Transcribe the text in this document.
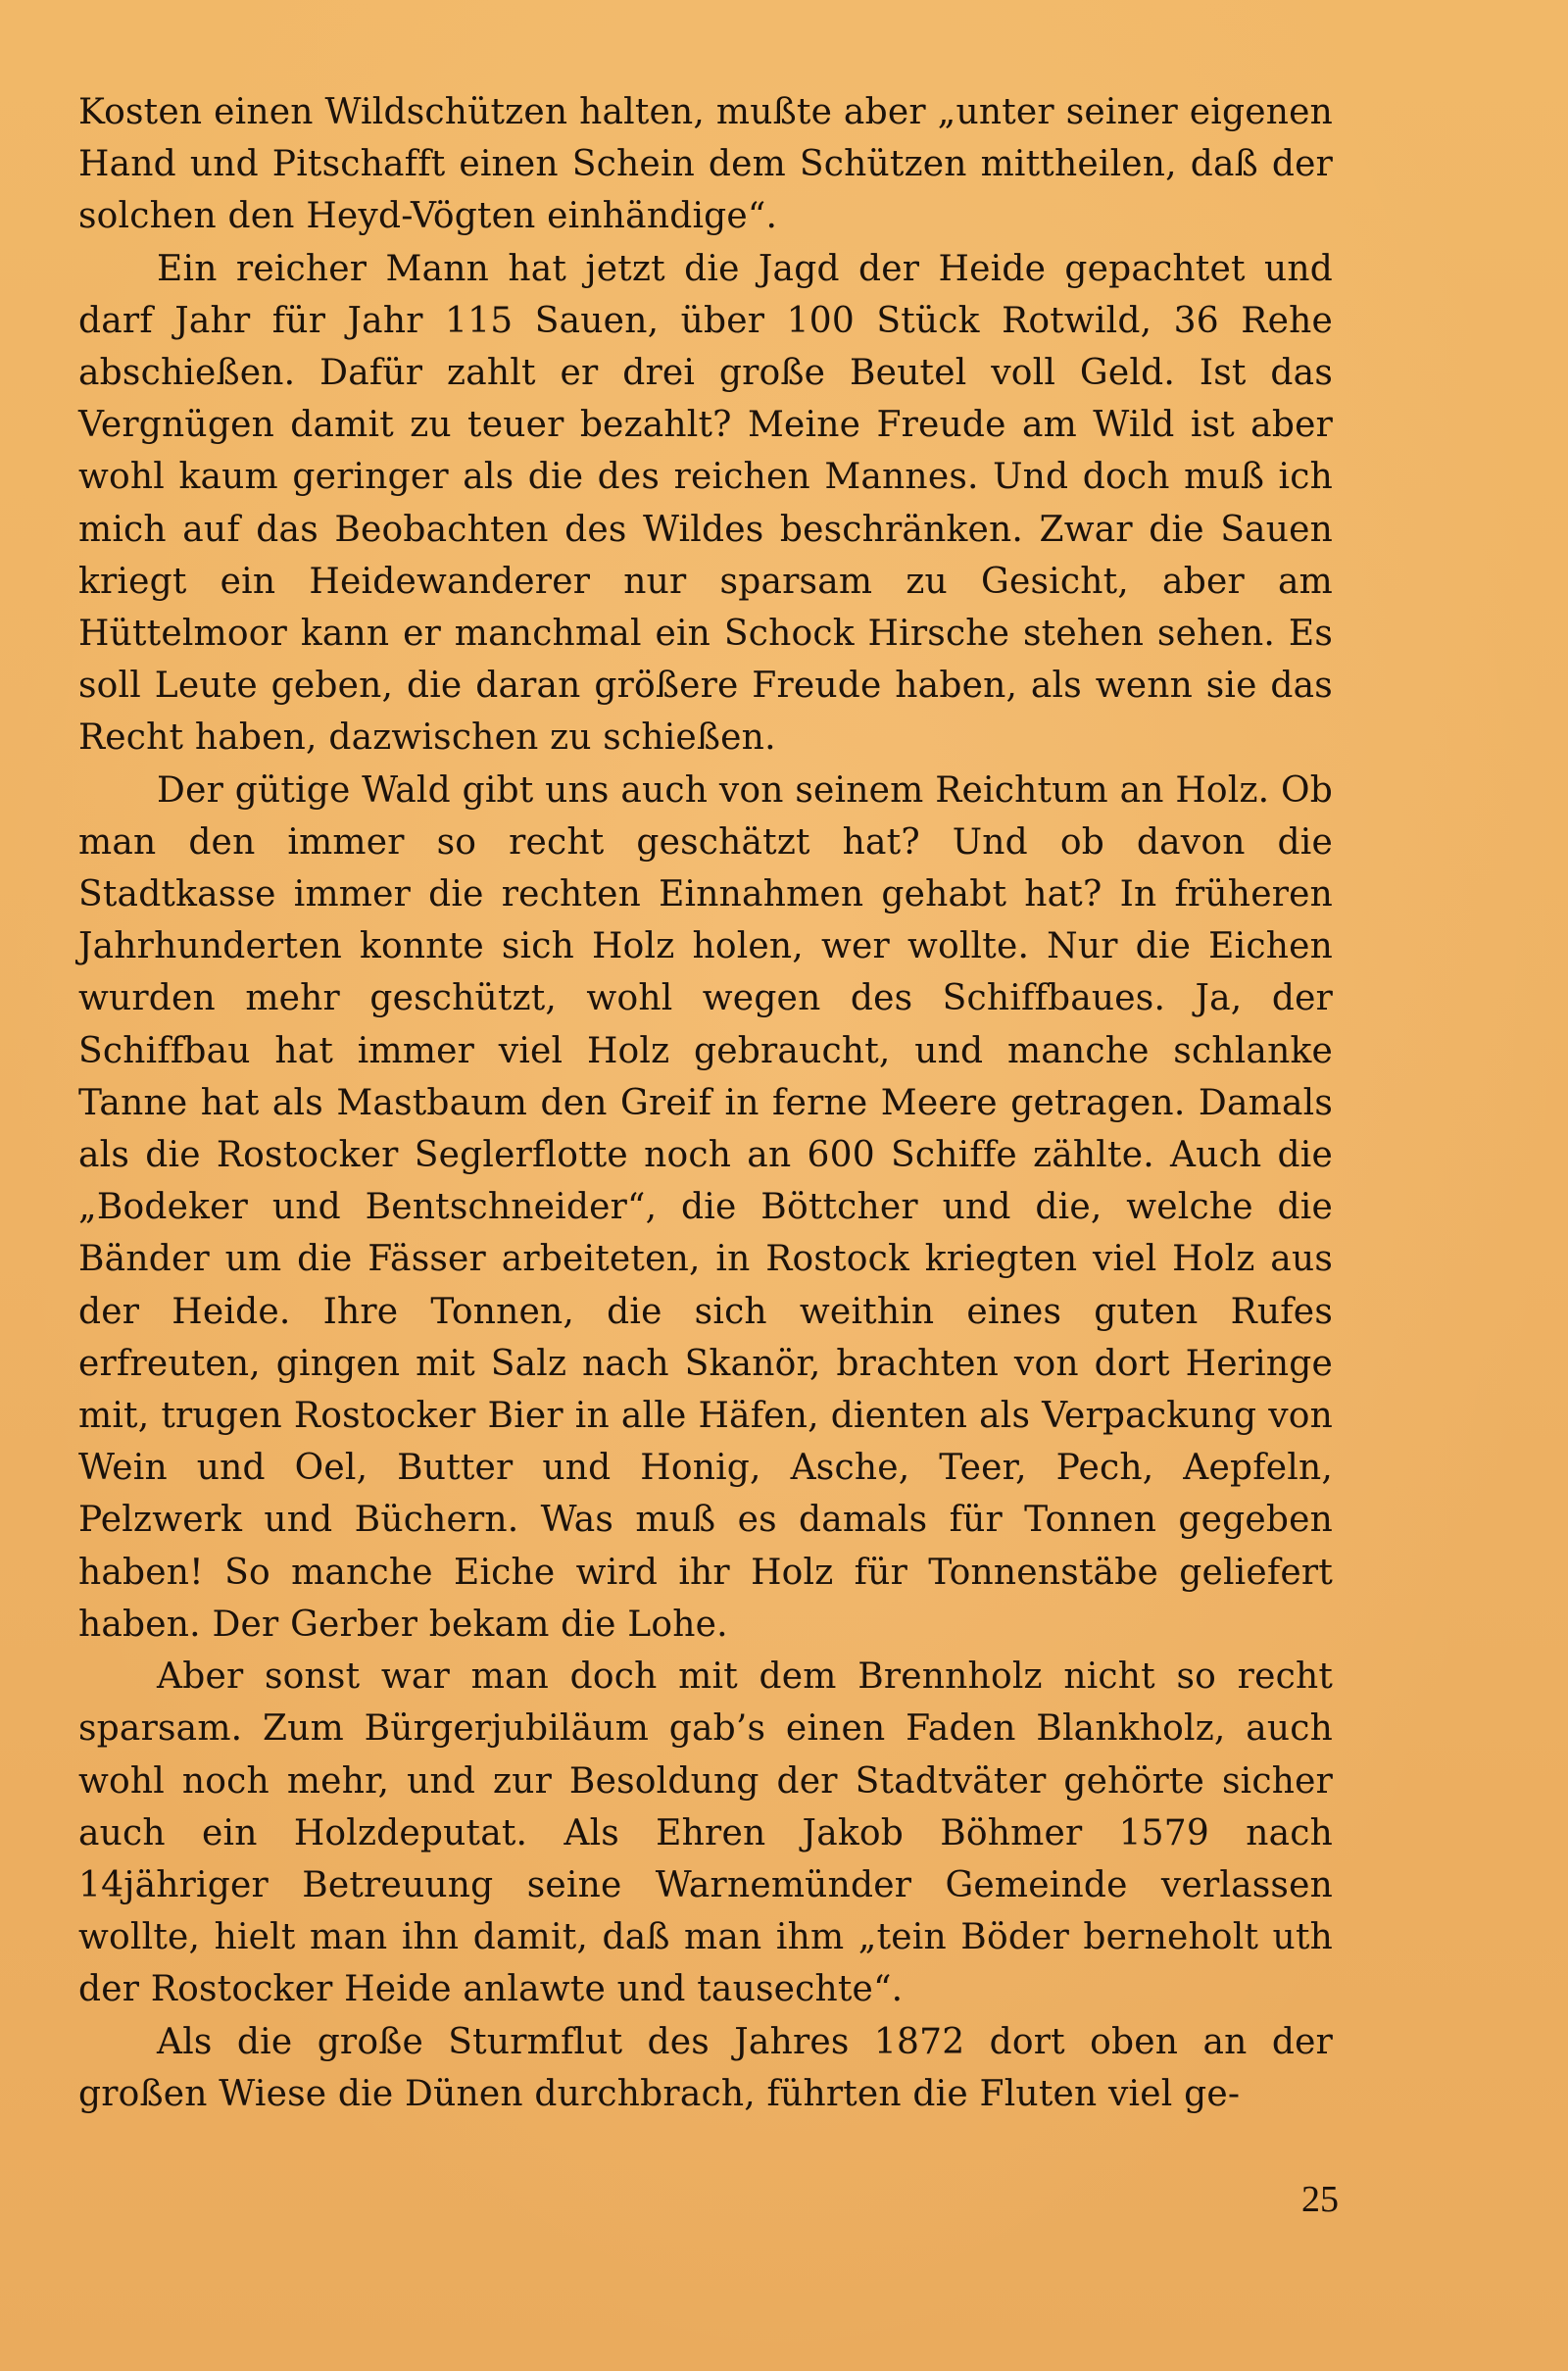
Kosten einen Wildschützen halten, mußte aber „unter seiner eigenen Hand und Pitschafft einen Schein dem Schützen mittheilen, daß der solchen den Heyd-Vögten einhändige“.

Ein reicher Mann hat jetzt die Jagd der Heide gepachtet und darf Jahr für Jahr 115 Sauen, über 100 Stück Rotwild, 36 Rehe abschießen. Dafür zahlt er drei große Beutel voll Geld. Ist das Vergnügen damit zu teuer bezahlt? Meine Freude am Wild ist aber wohl kaum geringer als die des reichen Mannes. Und doch muß ich mich auf das Beobachten des Wildes beschränken. Zwar die Sauen kriegt ein Heidewanderer nur sparsam zu Gesicht, aber am Hüttelmoor kann er manchmal ein Schock Hirsche stehen sehen. Es soll Leute geben, die daran größere Freude haben, als wenn sie das Recht haben, dazwischen zu schießen.

Der gütige Wald gibt uns auch von seinem Reichtum an Holz. Ob man den immer so recht geschätzt hat? Und ob davon die Stadtkasse immer die rechten Einnahmen gehabt hat? In früheren Jahrhunderten konnte sich Holz holen, wer wollte. Nur die Eichen wurden mehr geschützt, wohl wegen des Schiffbaues. Ja, der Schiffbau hat immer viel Holz gebraucht, und manche schlanke Tanne hat als Mastbaum den Greif in ferne Meere getragen. Damals als die Rostocker Seglerflotte noch an 600 Schiffe zählte. Auch die „Bodeker und Bentschneider“, die Böttcher und die, welche die Bänder um die Fässer arbeiteten, in Rostock kriegten viel Holz aus der Heide. Ihre Tonnen, die sich weithin eines guten Rufes erfreuten, gingen mit Salz nach Skanör, brachten von dort Heringe mit, trugen Rostocker Bier in alle Häfen, dienten als Verpackung von Wein und Oel, Butter und Honig, Asche, Teer, Pech, Aepfeln, Pelzwerk und Büchern. Was muß es damals für Tonnen gegeben haben! So manche Eiche wird ihr Holz für Tonnenstäbe geliefert haben. Der Gerber bekam die Lohe.

Aber sonst war man doch mit dem Brennholz nicht so recht sparsam. Zum Bürgerjubiläum gab’s einen Faden Blankholz, auch wohl noch mehr, und zur Besoldung der Stadtväter gehörte sicher auch ein Holzdeputat. Als Ehren Jakob Böhmer 1579 nach 14jähriger Betreuung seine Warnemünder Gemeinde verlassen wollte, hielt man ihn damit, daß man ihm „tein Böder berneholt uth der Rostocker Heide anlawte und tausechte“.

Als die große Sturmflut des Jahres 1872 dort oben an der großen Wiese die Dünen durchbrach, führten die Fluten viel ge-

25
